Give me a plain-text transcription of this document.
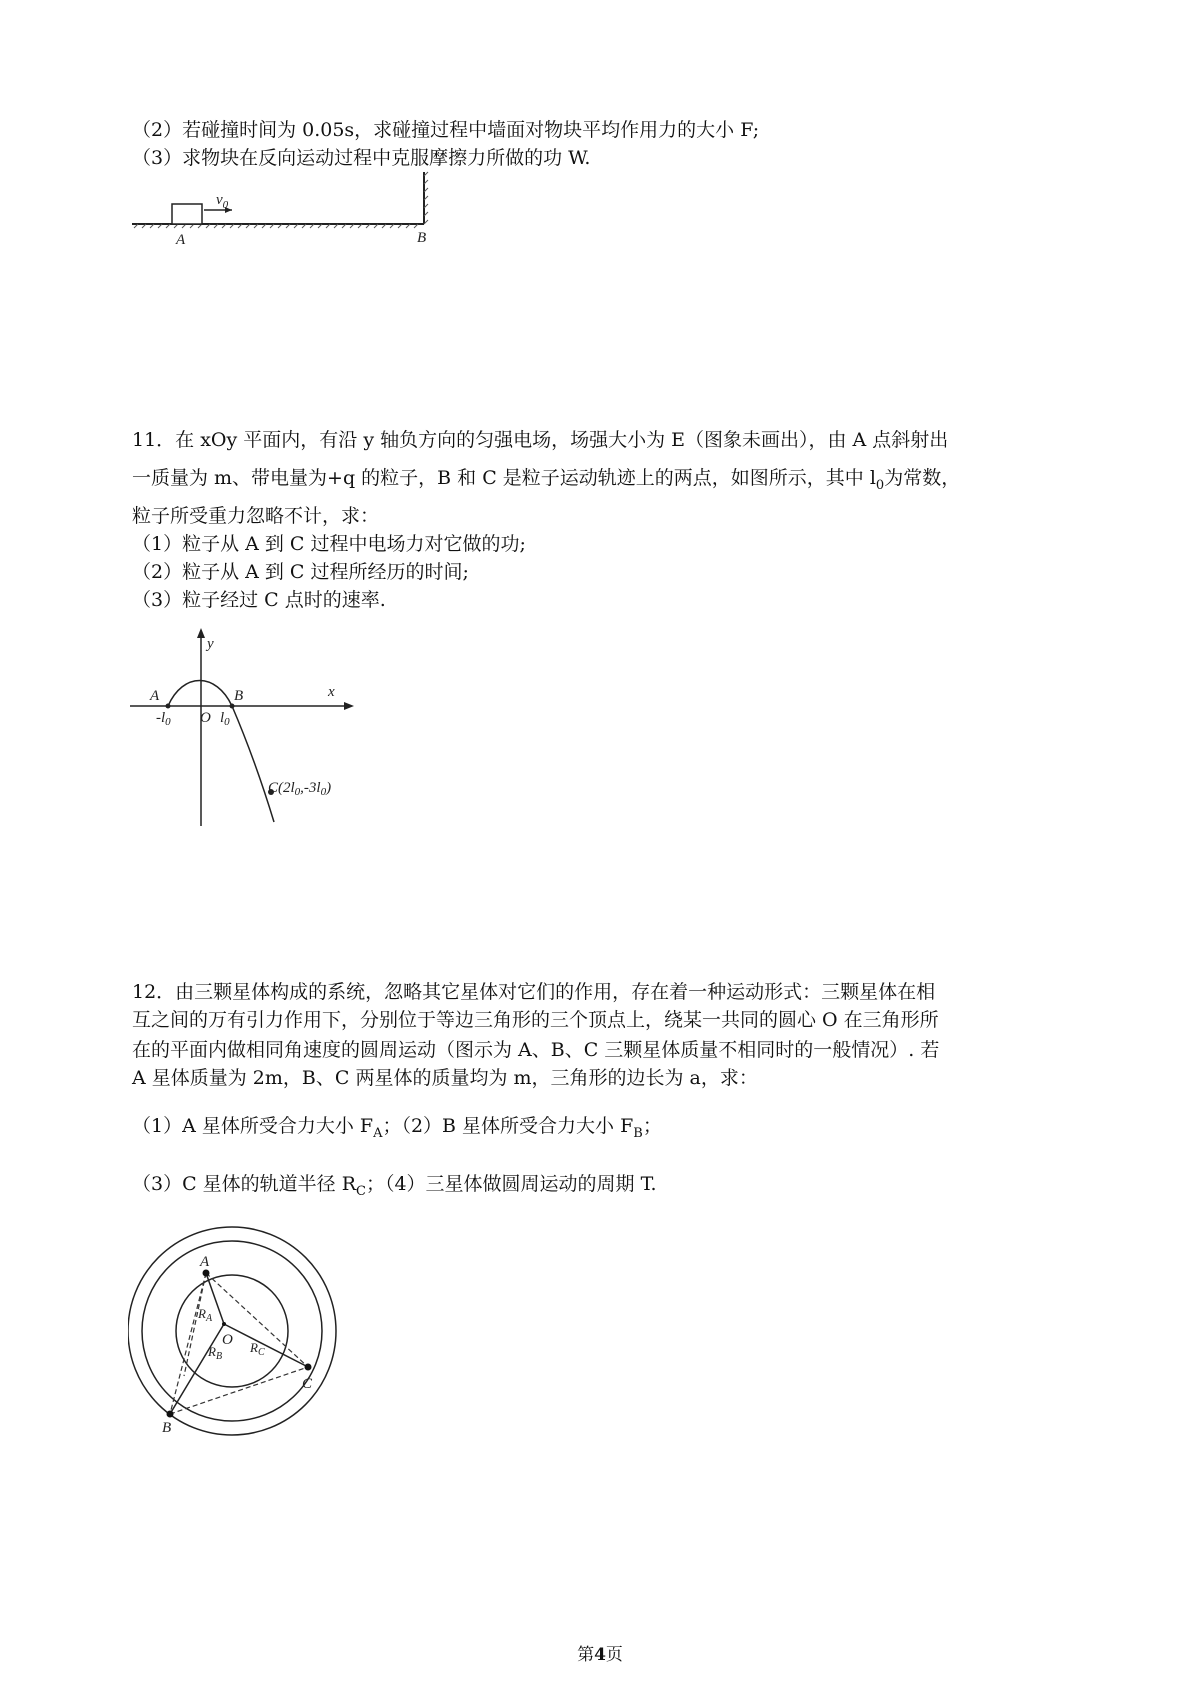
（2）若碰撞时间为 0.05s，求碰撞过程中墙面对物块平均作用力的大小 F;
（3）求物块在反向运动过程中克服摩擦力所做的功 W.
$v_0$
A	B
11．在 xOy 平面内，有沿 y 轴负方向的匀强电场，场强大小为 E（图象未画出），由 A 点斜射出
一质量为 m、带电量为+q 的粒子，B 和 C 是粒子运动轨迹上的两点，如图所示，其中 $l_0$为常数，
粒子所受重力忽略不计，求：
（1）粒子从 A 到 C 过程中电场力对它做的功;
（2）粒子从 A 到 C 过程所经历的时间;
（3）粒子经过 C 点时的速率.
y
x
A	B
O
$-l_0$	$l_0$
$C(2l_0,-3l_0)$
12．由三颗星体构成的系统，忽略其它星体对它们的作用，存在着一种运动形式：三颗星体在相
互之间的万有引力作用下，分别位于等边三角形的三个顶点上，绕某一共同的圆心 O 在三角形所
在的平面内做相同角速度的圆周运动（图示为 A、B、C 三颗星体质量不相同时的一般情况）. 若
A 星体质量为 2m，B、C 两星体的质量均为 m，三角形的边长为 a，求：
（1）A 星体所受合力大小 $F_A$；（2）B 星体所受合力大小 $F_B$；
（3）C 星体的轨道半径 $R_C$；（4）三星体做圆周运动的周期 T.
A
B
C
O
$R_A$
$R_B$
$R_C$
第4页
